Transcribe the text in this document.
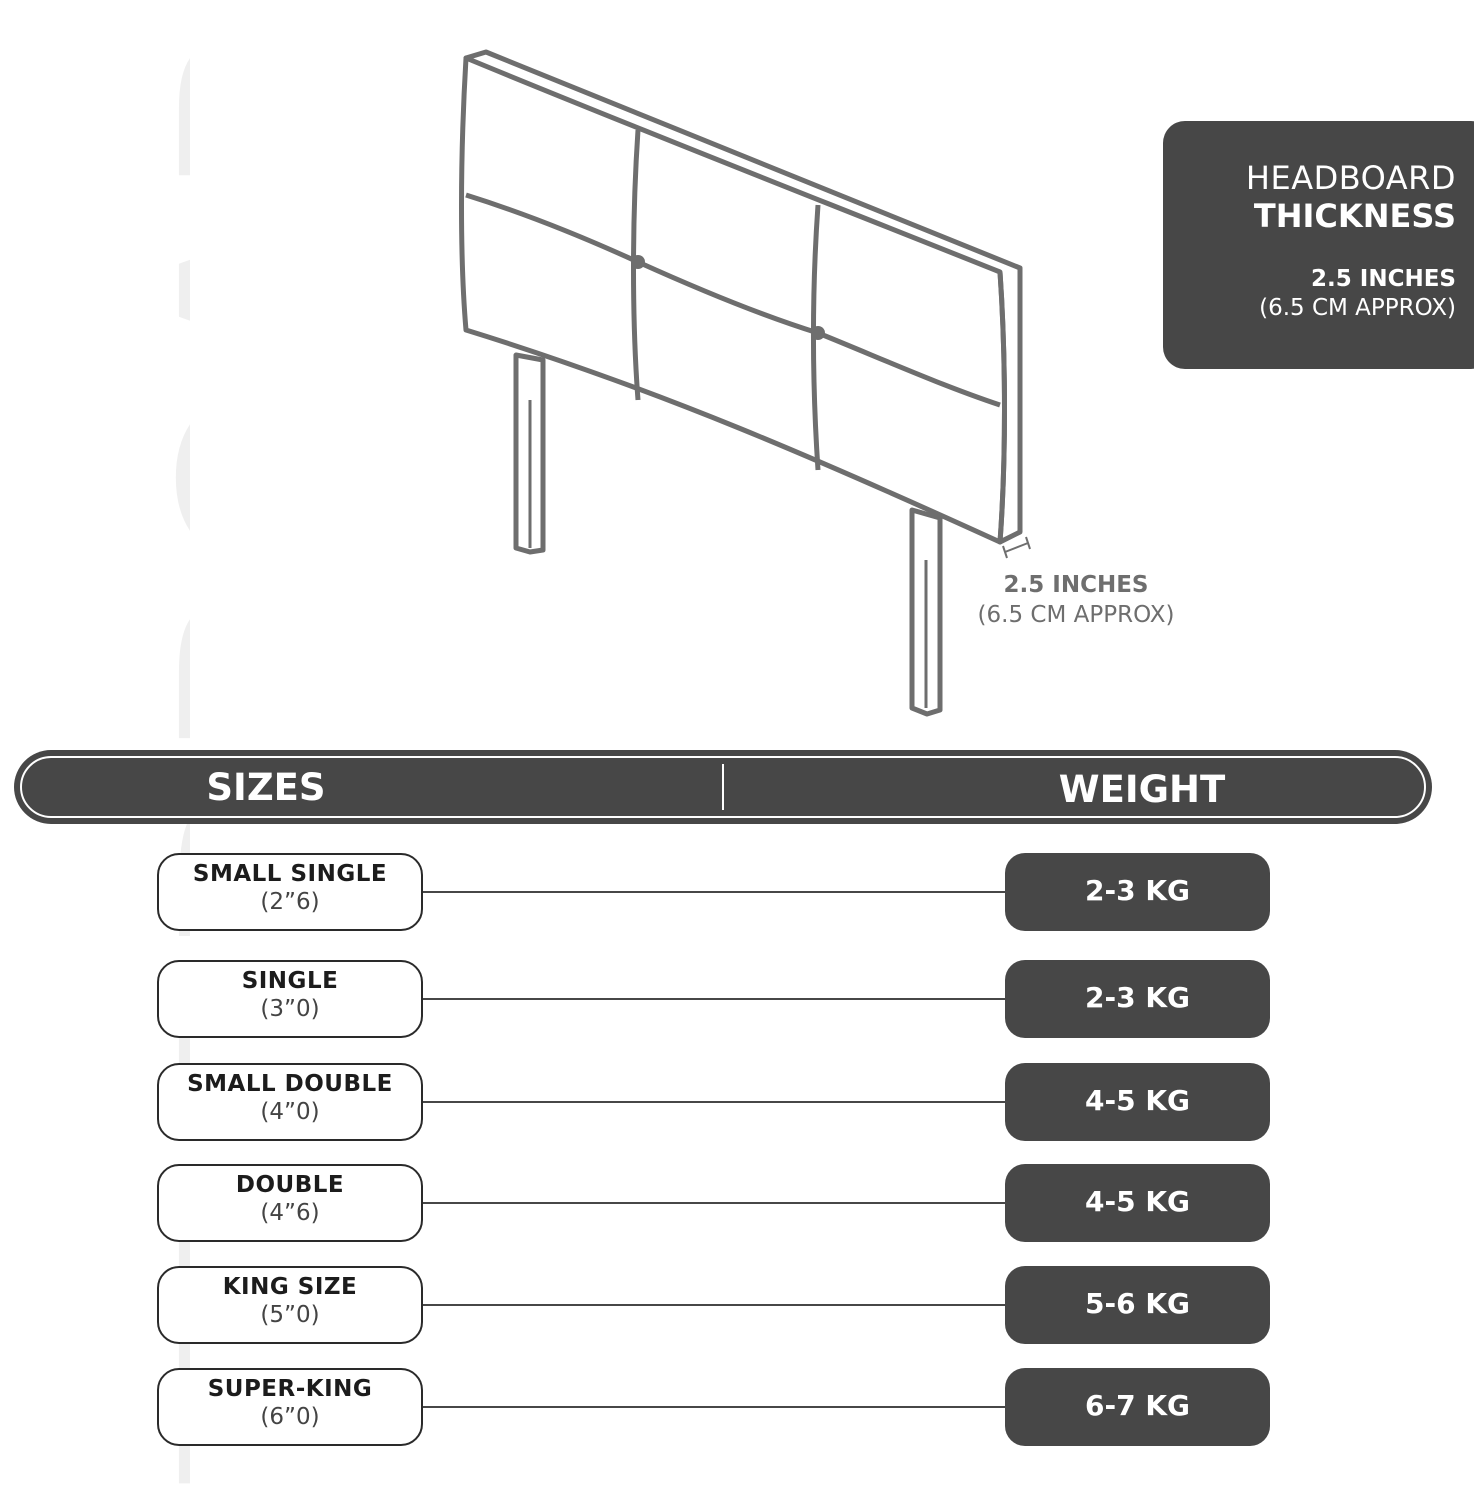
HEADBOARD
THICKNESS
2.5 INCHES
(6.5 CM APPROX)
2.5 INCHES
(6.5 CM APPROX)
SIZES	WEIGHT
SMALL SINGLE
(2”6)	2-3 KG
SINGLE
(3”0)	2-3 KG
SMALL DOUBLE
(4”0)	4-5 KG
DOUBLE
(4”6)	4-5 KG
KING SIZE
(5”0)	5-6 KG
SUPER-KING
(6”0)	6-7 KG
